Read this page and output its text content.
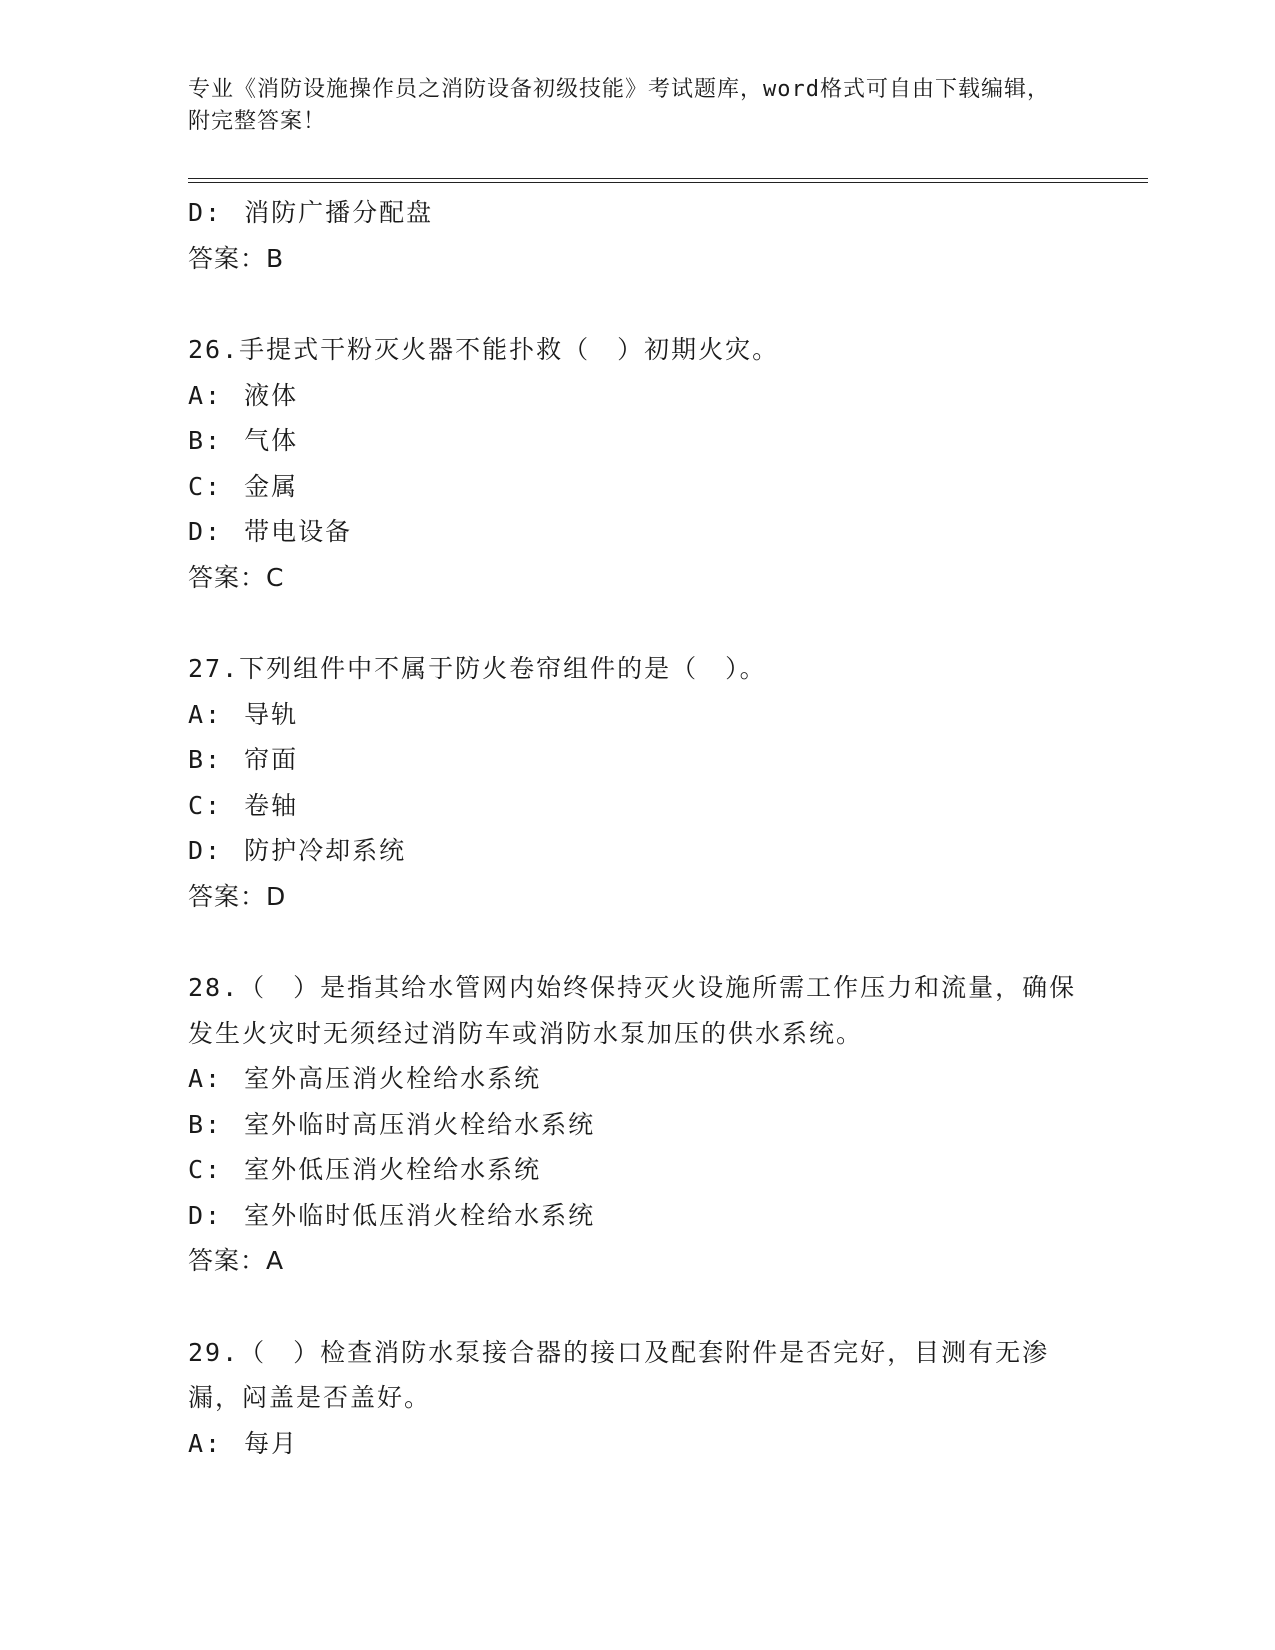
专业《消防设施操作员之消防设备初级技能》考试题库，word格式可自由下载编辑，附完整答案！
D: 消防广播分配盘
答案：B
26.手提式干粉灭火器不能扑救（　）初期火灾。
A: 液体
B: 气体
C: 金属
D: 带电设备
答案：C
27.下列组件中不属于防火卷帘组件的是（　）。
A: 导轨
B: 帘面
C: 卷轴
D: 防护冷却系统
答案：D
28.（　）是指其给水管网内始终保持灭火设施所需工作压力和流量，确保发生火灾时无须经过消防车或消防水泵加压的供水系统。
A: 室外高压消火栓给水系统
B: 室外临时高压消火栓给水系统
C: 室外低压消火栓给水系统
D: 室外临时低压消火栓给水系统
答案：A
29.（　）检查消防水泵接合器的接口及配套附件是否完好，目测有无渗漏，闷盖是否盖好。
A: 每月
